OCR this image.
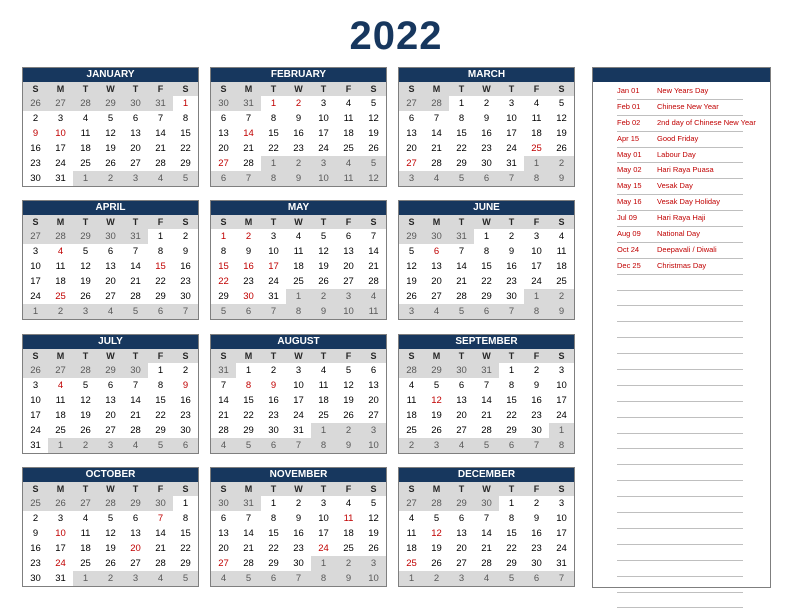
2022
JANUARY
S	M	T	W	T	F	S
26	27	28	29	30	31	1
2	3	4	5	6	7	8
9	10	11	12	13	14	15
16	17	18	19	20	21	22
23	24	25	26	27	28	29
30	31	1	2	3	4	5
FEBRUARY
S	M	T	W	T	F	S
30	31	1	2	3	4	5
6	7	8	9	10	11	12
13	14	15	16	17	18	19
20	21	22	23	24	25	26
27	28	1	2	3	4	5
6	7	8	9	10	11	12
MARCH
S	M	T	W	T	F	S
27	28	1	2	3	4	5
6	7	8	9	10	11	12
13	14	15	16	17	18	19
20	21	22	23	24	25	26
27	28	29	30	31	1	2
3	4	5	6	7	8	9
APRIL
S	M	T	W	T	F	S
27	28	29	30	31	1	2
3	4	5	6	7	8	9
10	11	12	13	14	15	16
17	18	19	20	21	22	23
24	25	26	27	28	29	30
1	2	3	4	5	6	7
MAY
S	M	T	W	T	F	S
1	2	3	4	5	6	7
8	9	10	11	12	13	14
15	16	17	18	19	20	21
22	23	24	25	26	27	28
29	30	31	1	2	3	4
5	6	7	8	9	10	11
JUNE
S	M	T	W	T	F	S
29	30	31	1	2	3	4
5	6	7	8	9	10	11
12	13	14	15	16	17	18
19	20	21	22	23	24	25
26	27	28	29	30	1	2
3	4	5	6	7	8	9
JULY
S	M	T	W	T	F	S
26	27	28	29	30	1	2
3	4	5	6	7	8	9
10	11	12	13	14	15	16
17	18	19	20	21	22	23
24	25	26	27	28	29	30
31	1	2	3	4	5	6
AUGUST
S	M	T	W	T	F	S
31	1	2	3	4	5	6
7	8	9	10	11	12	13
14	15	16	17	18	19	20
21	22	23	24	25	26	27
28	29	30	31	1	2	3
4	5	6	7	8	9	10
SEPTEMBER
S	M	T	W	T	F	S
28	29	30	31	1	2	3
4	5	6	7	8	9	10
11	12	13	14	15	16	17
18	19	20	21	22	23	24
25	26	27	28	29	30	1
2	3	4	5	6	7	8
OCTOBER
S	M	T	W	T	F	S
25	26	27	28	29	30	1
2	3	4	5	6	7	8
9	10	11	12	13	14	15
16	17	18	19	20	21	22
23	24	25	26	27	28	29
30	31	1	2	3	4	5
NOVEMBER
S	M	T	W	T	F	S
30	31	1	2	3	4	5
6	7	8	9	10	11	12
13	14	15	16	17	18	19
20	21	22	23	24	25	26
27	28	29	30	1	2	3
4	5	6	7	8	9	10
DECEMBER
S	M	T	W	T	F	S
27	28	29	30	1	2	3
4	5	6	7	8	9	10
11	12	13	14	15	16	17
18	19	20	21	22	23	24
25	26	27	28	29	30	31
1	2	3	4	5	6	7
Jan 01 New Years Day
Feb 01 Chinese New Year
Feb 02 2nd day of Chinese New Year
Apr 15 Good Friday
May 01 Labour Day
May 02 Hari Raya Puasa
May 15 Vesak Day
May 16 Vesak Day Holiday
Jul 09	Hari Raya Haji
Aug 09 National Day
Oct 24 Deepavali / Diwali
Dec 25 Christmas Day
